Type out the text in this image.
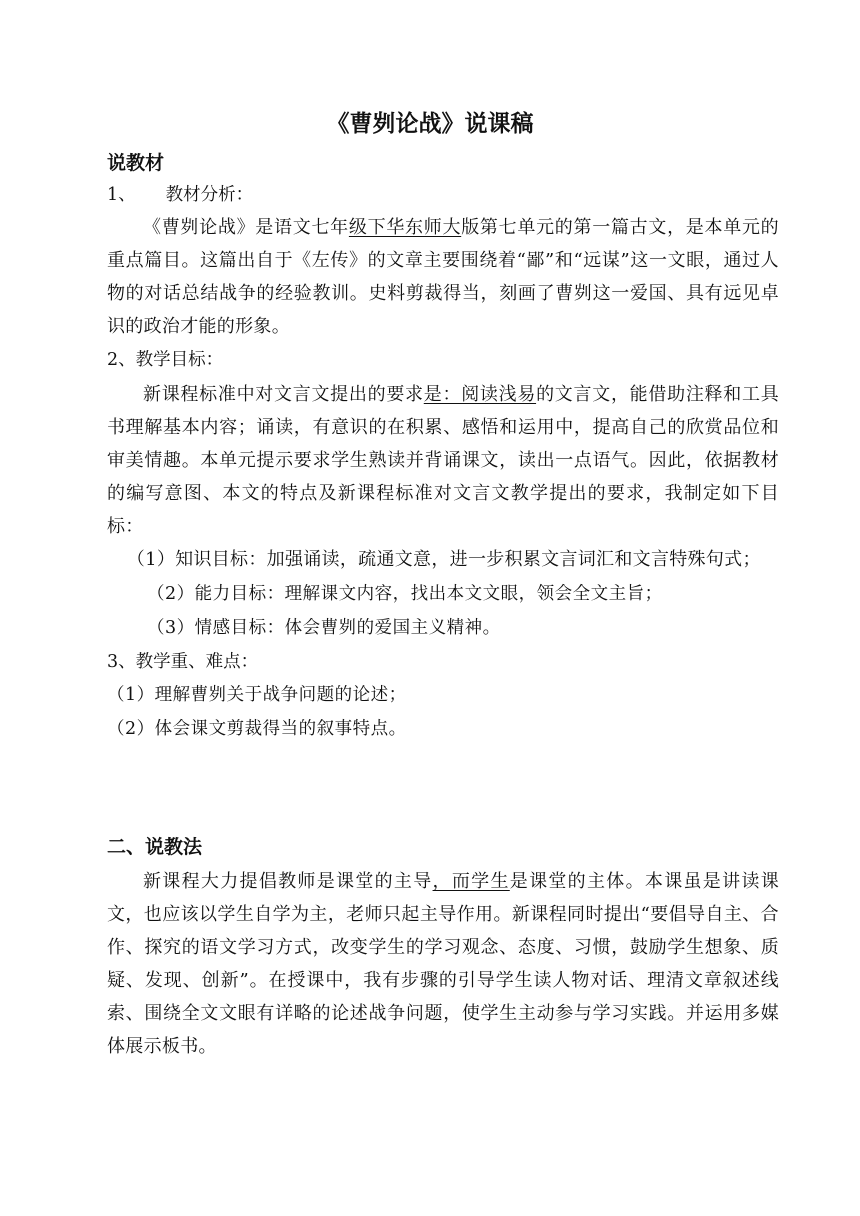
《曹刿论战》说课稿
说教材
1、 教材分析：
《曹刿论战》是语文七年级下华东师大版第七单元的第一篇古文，是本单元的重点篇目。这篇出自于《左传》的文章主要围绕着“鄙”和“远谋”这一文眼，通过人物的对话总结战争的经验教训。史料剪裁得当，刻画了曹刿这一爱国、具有远见卓识的政治才能的形象。
2、教学目标：
新课程标准中对文言文提出的要求是：阅读浅易的文言文，能借助注释和工具书理解基本内容；诵读，有意识的在积累、感悟和运用中，提高自己的欣赏品位和审美情趣。本单元提示要求学生熟读并背诵课文，读出一点语气。因此，依据教材的编写意图、本文的特点及新课程标准对文言文教学提出的要求，我制定如下目标：
（1）知识目标：加强诵读，疏通文意，进一步积累文言词汇和文言特殊句式；
（2）能力目标：理解课文内容，找出本文文眼，领会全文主旨；
（3）情感目标：体会曹刿的爱国主义精神。
3、教学重、难点：
（1）理解曹刿关于战争问题的论述；
（2）体会课文剪裁得当的叙事特点。
二、说教法
新课程大力提倡教师是课堂的主导，而学生是课堂的主体。本课虽是讲读课文，也应该以学生自学为主，老师只起主导作用。新课程同时提出“要倡导自主、合作、探究的语文学习方式，改变学生的学习观念、态度、习惯，鼓励学生想象、质疑、发现、创新”。在授课中，我有步骤的引导学生读人物对话、理清文章叙述线索、围绕全文文眼有详略的论述战争问题，使学生主动参与学习实践。并运用多媒体展示板书。
